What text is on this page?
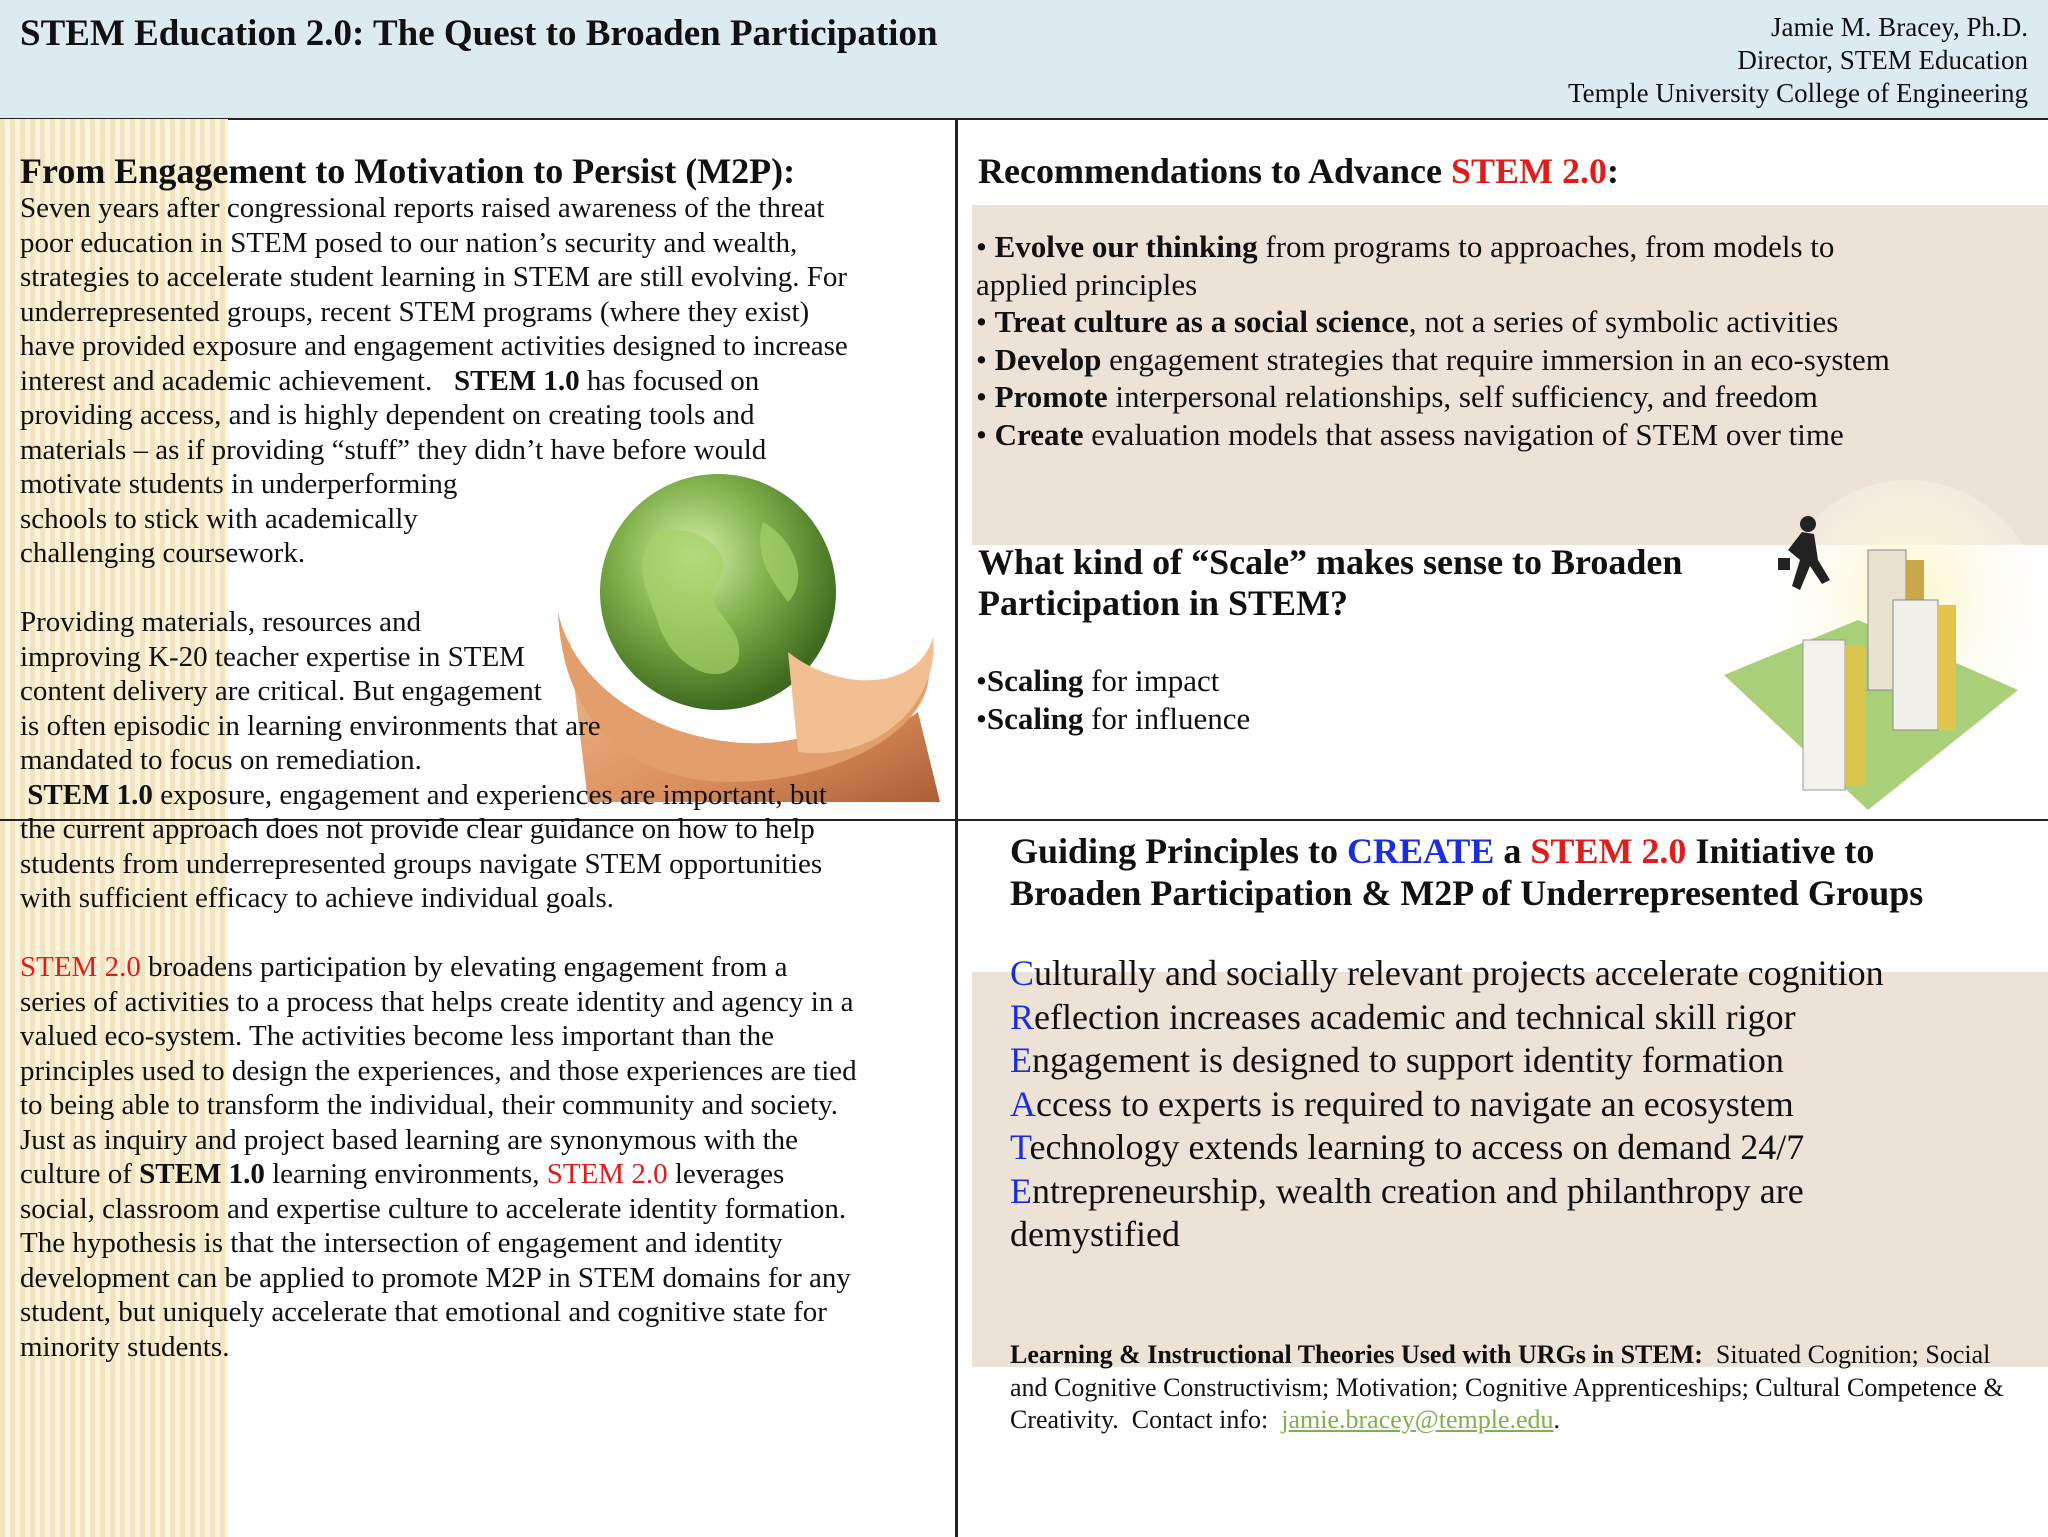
STEM Education 2.0: The Quest to Broaden Participation	Jamie M. Bracey, Ph.D.
Director, STEM Education
Temple University College of Engineering
From Engagement to Motivation to Persist (M2P):
Seven years after congressional reports raised awareness of the threat
poor education in STEM posed to our nation’s security and wealth,
strategies to accelerate student learning in STEM are still evolving. For
underrepresented groups, recent STEM programs (where they exist)
have provided exposure and engagement activities designed to increase
interest and academic achievement.   STEM 1.0 has focused on
providing access, and is highly dependent on creating tools and
materials – as if providing “stuff” they didn’t have before would
motivate students in underperforming
schools to stick with academically
challenging coursework.
Providing materials, resources and
improving K-20 teacher expertise in STEM
content delivery are critical. But engagement
is often episodic in learning environments that are
mandated to focus on remediation.
STEM 1.0 exposure, engagement and experiences are important, but
the current approach does not provide clear guidance on how to help
students from underrepresented groups navigate STEM opportunities
with sufficient efficacy to achieve individual goals.
STEM 2.0 broadens participation by elevating engagement from a
series of activities to a process that helps create identity and agency in a
valued eco-system. The activities become less important than the
principles used to design the experiences, and those experiences are tied
to being able to transform the individual, their community and society.
Just as inquiry and project based learning are synonymous with the
culture of STEM 1.0 learning environments, STEM 2.0 leverages
social, classroom and expertise culture to accelerate identity formation.
The hypothesis is that the intersection of engagement and identity
development can be applied to promote M2P in STEM domains for any
student, but uniquely accelerate that emotional and cognitive state for
minority students.
Recommendations to Advance STEM 2.0:
• Evolve our thinking from programs to approaches, from models to
applied principles
• Treat culture as a social science, not a series of symbolic activities
• Develop engagement strategies that require immersion in an eco-system
• Promote interpersonal relationships, self sufficiency, and freedom
• Create evaluation models that assess navigation of STEM over time
What kind of “Scale” makes sense to Broaden
Participation in STEM?
•Scaling for impact
•Scaling for influence
Guiding Principles to CREATE a STEM 2.0 Initiative to
Broaden Participation & M2P of Underrepresented Groups
Culturally and socially relevant projects accelerate cognition
Reflection increases academic and technical skill rigor
Engagement is designed to support identity formation
Access to experts is required to navigate an ecosystem
Technology extends learning to access on demand 24/7
Entrepreneurship, wealth creation and philanthropy are
demystified
Learning & Instructional Theories Used with URGs in STEM:  Situated Cognition; Social and Cognitive Constructivism; Motivation; Cognitive Apprenticeships; Cultural Competence & Creativity.  Contact info:  jamie.bracey@temple.edu.
